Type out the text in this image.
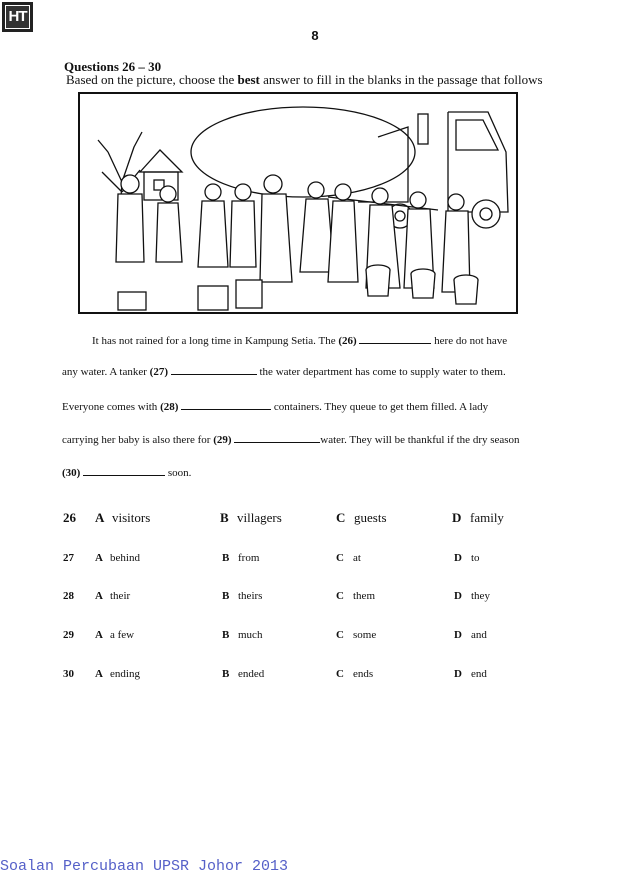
HT
8
Questions 26 – 30
Based on the picture, choose the best answer to fill in the blanks in the passage that follows
It has not rained for a long time in Kampung Setia. The (26)	here do not have
any water. A tanker (27)	the water department has come to supply water to them.
Everyone comes with (28)	containers. They queue to get them filled. A lady
carrying her baby is also there for (29)	water. They will be thankful if the dry season
(30)	soon.
26 A visitors	B villagers	C guests	D family
27 A behind	B from	C at	D to
28 A their	B theirs	C them	D they
29 A a few	B much	C some	D and
30 A ending	B ended	C ends	D end
Soalan Percubaan UPSR Johor 2013
